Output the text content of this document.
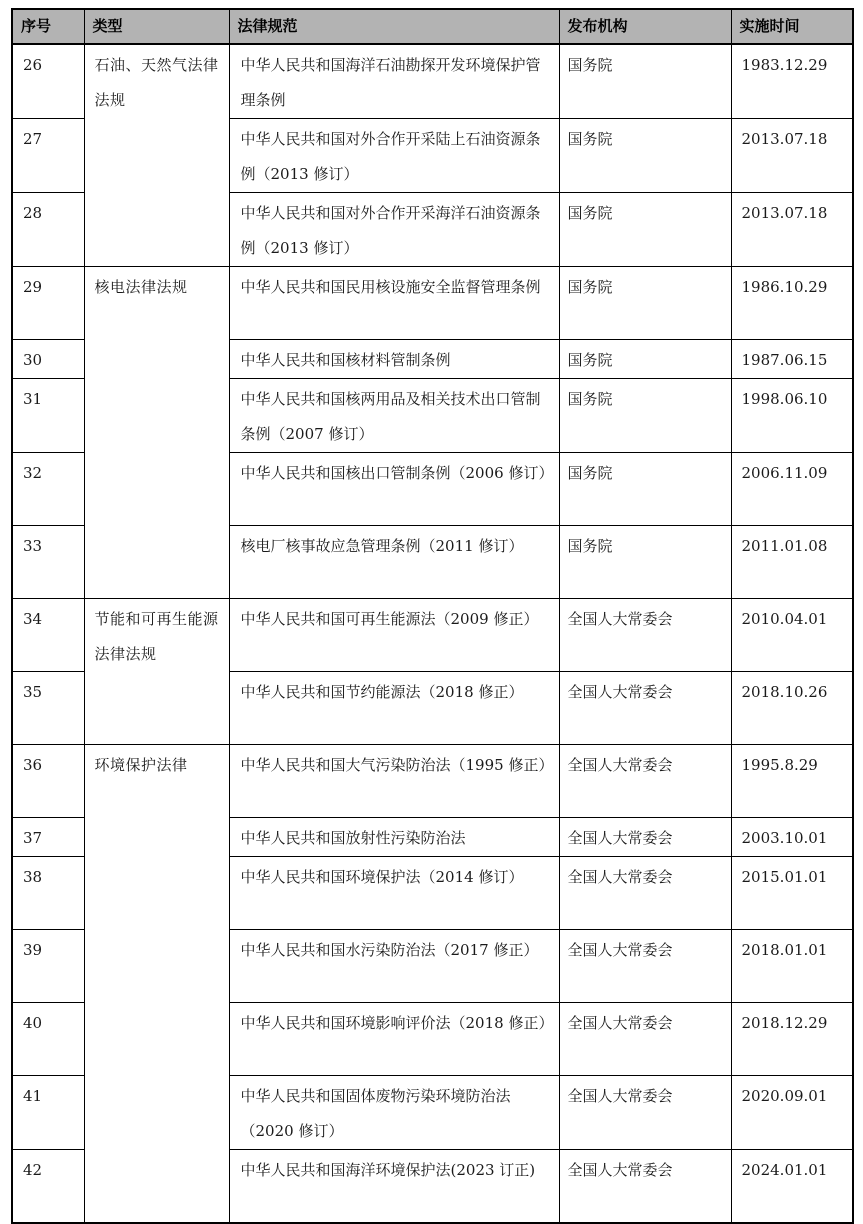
序号	类型	法律规范	发布机构	实施时间
26	石油、天然气法律法规	中华人民共和国海洋石油勘探开发环境保护管理条例	国务院	1983.12.29
27		中华人民共和国对外合作开采陆上石油资源条例（2013 修订）	国务院	2013.07.18
28		中华人民共和国对外合作开采海洋石油资源条例（2013 修订）	国务院	2013.07.18
29	核电法律法规	中华人民共和国民用核设施安全监督管理条例	国务院	1986.10.29
30		中华人民共和国核材料管制条例	国务院	1987.06.15
31		中华人民共和国核两用品及相关技术出口管制条例（2007 修订）	国务院	1998.06.10
32		中华人民共和国核出口管制条例（2006 修订）	国务院	2006.11.09
33		核电厂核事故应急管理条例（2011 修订）	国务院	2011.01.08
34	节能和可再生能源法律法规	中华人民共和国可再生能源法（2009 修正）	全国人大常委会	2010.04.01
35		中华人民共和国节约能源法（2018 修正）	全国人大常委会	2018.10.26
36	环境保护法律	中华人民共和国大气污染防治法（1995 修正）	全国人大常委会	1995.8.29
37		中华人民共和国放射性污染防治法	全国人大常委会	2003.10.01
38		中华人民共和国环境保护法（2014 修订）	全国人大常委会	2015.01.01
39		中华人民共和国水污染防治法（2017 修正）	全国人大常委会	2018.01.01
40		中华人民共和国环境影响评价法（2018 修正）	全国人大常委会	2018.12.29
41		中华人民共和国固体废物污染环境防治法（2020 修订）	全国人大常委会	2020.09.01
42		中华人民共和国海洋环境保护法(2023 订正)	全国人大常委会	2024.01.01
